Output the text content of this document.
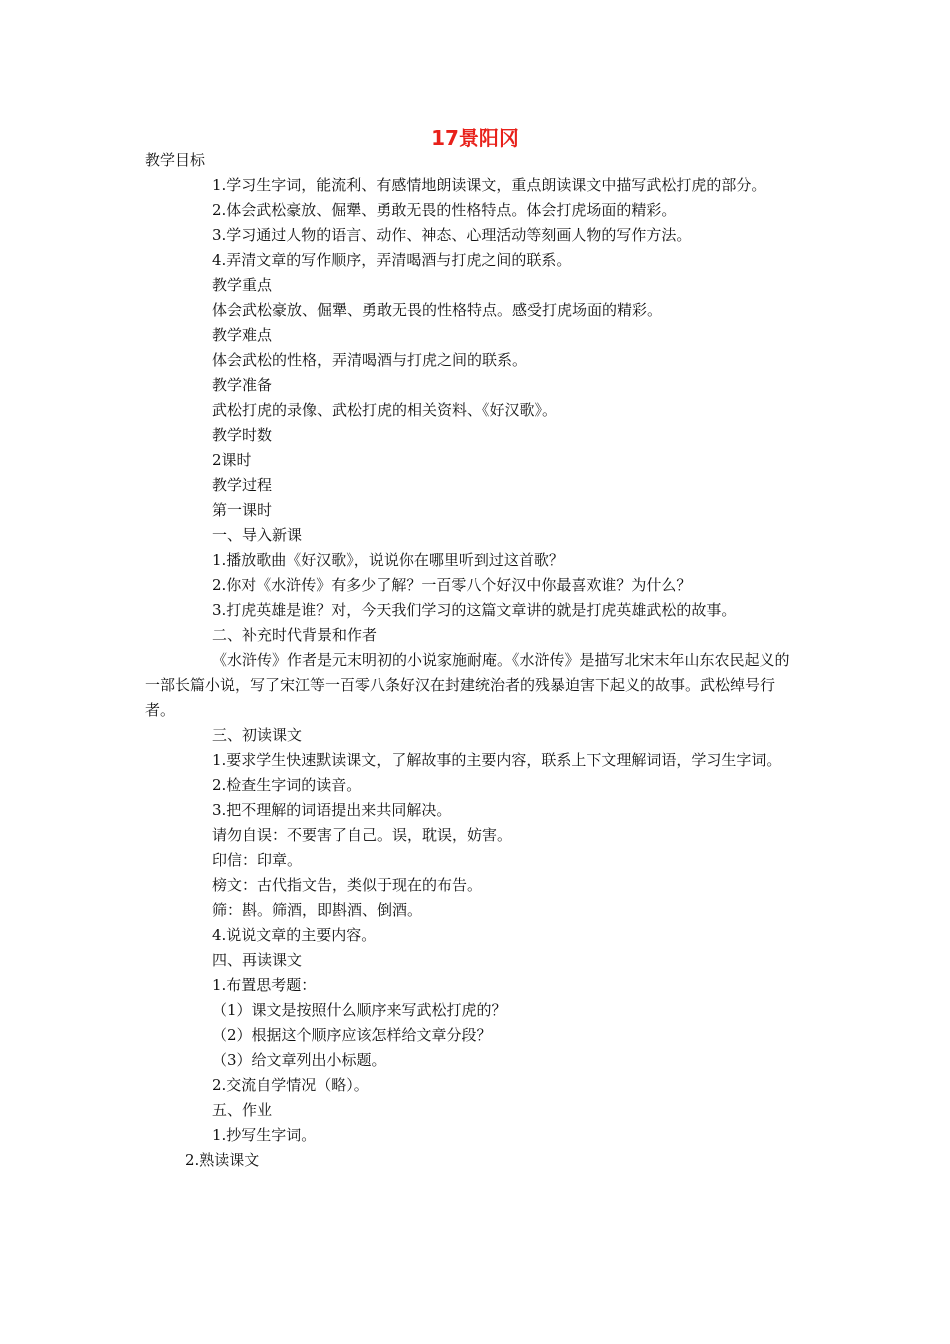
17景阳冈

教学目标

1.学习生字词，能流利、有感情地朗读课文，重点朗读课文中描写武松打虎的部分。

2.体会武松豪放、倔犟、勇敢无畏的性格特点。体会打虎场面的精彩。

3.学习通过人物的语言、动作、神态、心理活动等刻画人物的写作方法。

4.弄清文章的写作顺序，弄清喝酒与打虎之间的联系。

教学重点

体会武松豪放、倔犟、勇敢无畏的性格特点。感受打虎场面的精彩。

教学难点

体会武松的性格，弄清喝酒与打虎之间的联系。

教学准备

武松打虎的录像、武松打虎的相关资料、《好汉歌》。

教学时数

2课时

教学过程

第一课时

一、导入新课

1.播放歌曲《好汉歌》，说说你在哪里听到过这首歌？

2.你对《水浒传》有多少了解？一百零八个好汉中你最喜欢谁？为什么？

3.打虎英雄是谁？对，今天我们学习的这篇文章讲的就是打虎英雄武松的故事。

二、补充时代背景和作者

《水浒传》作者是元末明初的小说家施耐庵。《水浒传》是描写北宋末年山东农民起义的一部长篇小说，写了宋江等一百零八条好汉在封建统治者的残暴迫害下起义的故事。武松绰号行者。

三、初读课文

1.要求学生快速默读课文，了解故事的主要内容，联系上下文理解词语，学习生字词。

2.检查生字词的读音。

3.把不理解的词语提出来共同解决。

请勿自误：不要害了自己。误，耽误，妨害。

印信：印章。

榜文：古代指文告，类似于现在的布告。

筛：斟。筛酒，即斟酒、倒酒。

4.说说文章的主要内容。

四、再读课文

1.布置思考题：

（1）课文是按照什么顺序来写武松打虎的？

（2）根据这个顺序应该怎样给文章分段？

（3）给文章列出小标题。

2.交流自学情况（略）。

五、作业

1.抄写生字词。

2.熟读课文
